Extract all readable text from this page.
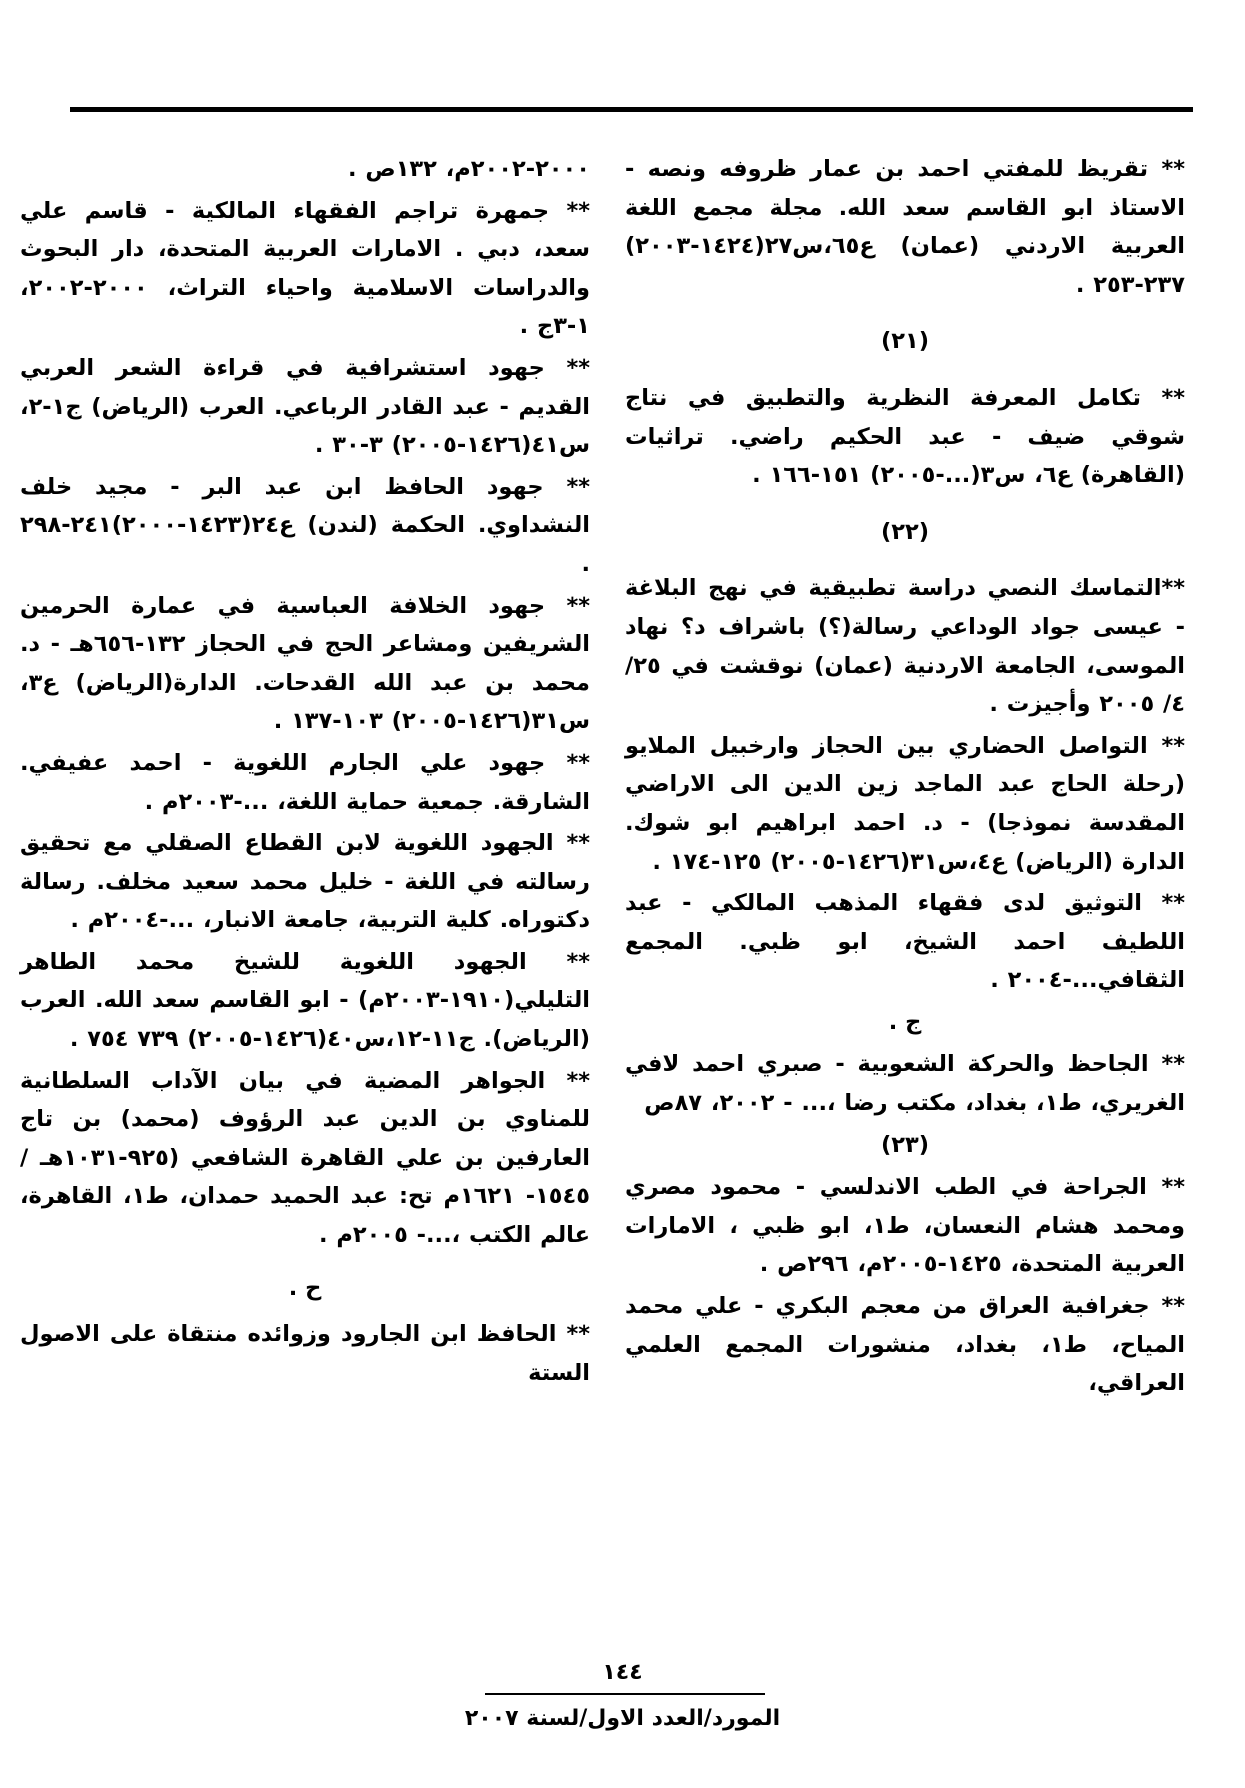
** تقريظ للمفتي احمد بن عمار ظروفه ونصه - الاستاذ ابو القاسم سعد الله. مجلة مجمع اللغة العربية الاردني (عمان) ع٦٥،س٢٧(١٤٢٤-٢٠٠٣) ٢٣٧-٢٥٣ .

(٢١)

** تكامل المعرفة النظرية والتطبيق في نتاج شوقي ضيف - عبد الحكيم راضي. تراثيات (القاهرة) ع٦، س٣(...-٢٠٠٥) ١٥١-١٦٦ .

(٢٢)

**التماسك النصي دراسة تطبيقية في نهج البلاغة - عيسى جواد الوداعي رسالة(؟) باشراف د؟ نهاد الموسى، الجامعة الاردنية (عمان) نوقشت في ٢٥/ ٤/ ٢٠٠٥ وأجيزت .

** التواصل الحضاري بين الحجاز وارخبيل الملايو (رحلة الحاج عبد الماجد زين الدين الى الاراضي المقدسة نموذجا) - د. احمد ابراهيم ابو شوك. الدارة (الرياض) ع٤،س٣١(١٤٢٦-٢٠٠٥) ١٢٥-١٧٤ .

** التوثيق لدى فقهاء المذهب المالكي - عبد اللطيف احمد الشيخ، ابو ظبي. المجمع الثقافي...-٢٠٠٤ .

ج .

** الجاحظ والحركة الشعوبية - صبري احمد لافي الغريري، ط١، بغداد، مكتب رضا ،... - ٢٠٠٢، ٨٧ص

(٢٣)

** الجراحة في الطب الاندلسي - محمود مصري ومحمد هشام النعسان، ط١، ابو ظبي ، الامارات العربية المتحدة، ١٤٢٥-٢٠٠٥م، ٢٩٦ص .

** جغرافية العراق من معجم البكري - علي محمد المياح، ط١، بغداد، منشورات المجمع العلمي العراقي،

٢٠٠٠-٢٠٠٢م، ١٣٢ص .

** جمهرة تراجم الفقهاء المالكية - قاسم علي سعد، دبي . الامارات العربية المتحدة، دار البحوث والدراسات الاسلامية واحياء التراث، ٢٠٠٠-٢٠٠٢، ١-٣ج .

** جهود استشرافية في قراءة الشعر العربي القديم - عبد القادر الرباعي. العرب (الرياض) ج١-٢، س٤١(١٤٢٦-٢٠٠٥) ٣-٣٠ .

** جهود الحافظ ابن عبد البر - مجيد خلف النشداوي. الحكمة (لندن) ع٢٤(١٤٢٣-٢٠٠٠)٢٤١-٢٩٨ .

** جهود الخلافة العباسية في عمارة الحرمين الشريفين ومشاعر الحج في الحجاز ١٣٢-٦٥٦هـ - د. محمد بن عبد الله القدحات. الدارة(الرياض) ع٣، س٣١(١٤٢٦-٢٠٠٥) ١٠٣-١٣٧ .

** جهود علي الجارم اللغوية - احمد عفيفي. الشارقة. جمعية حماية اللغة، ...-٢٠٠٣م .

** الجهود اللغوية لابن القطاع الصقلي مع تحقيق رسالته في اللغة - خليل محمد سعيد مخلف. رسالة دكتوراه. كلية التربية، جامعة الانبار، ...-٢٠٠٤م .

** الجهود اللغوية للشيخ محمد الطاهر التليلي(١٩١٠-٢٠٠٣م) - ابو القاسم سعد الله. العرب (الرياض). ج١١-١٢،س٤٠(١٤٢٦-٢٠٠٥) ٧٣٩ ٧٥٤ .

** الجواهر المضية في بيان الآداب السلطانية للمناوي بن الدين عبد الرؤوف (محمد) بن تاج العارفين بن علي القاهرة الشافعي (٩٢٥-١٠٣١هـ / ١٥٤٥- ١٦٢١م تح: عبد الحميد حمدان، ط١، القاهرة، عالم الكتب ،...- ٢٠٠٥م .

ح .

** الحافظ ابن الجارود وزوائده منتقاة على الاصول الستة

١٤٤
المورد/العدد الاول/لسنة ٢٠٠٧
